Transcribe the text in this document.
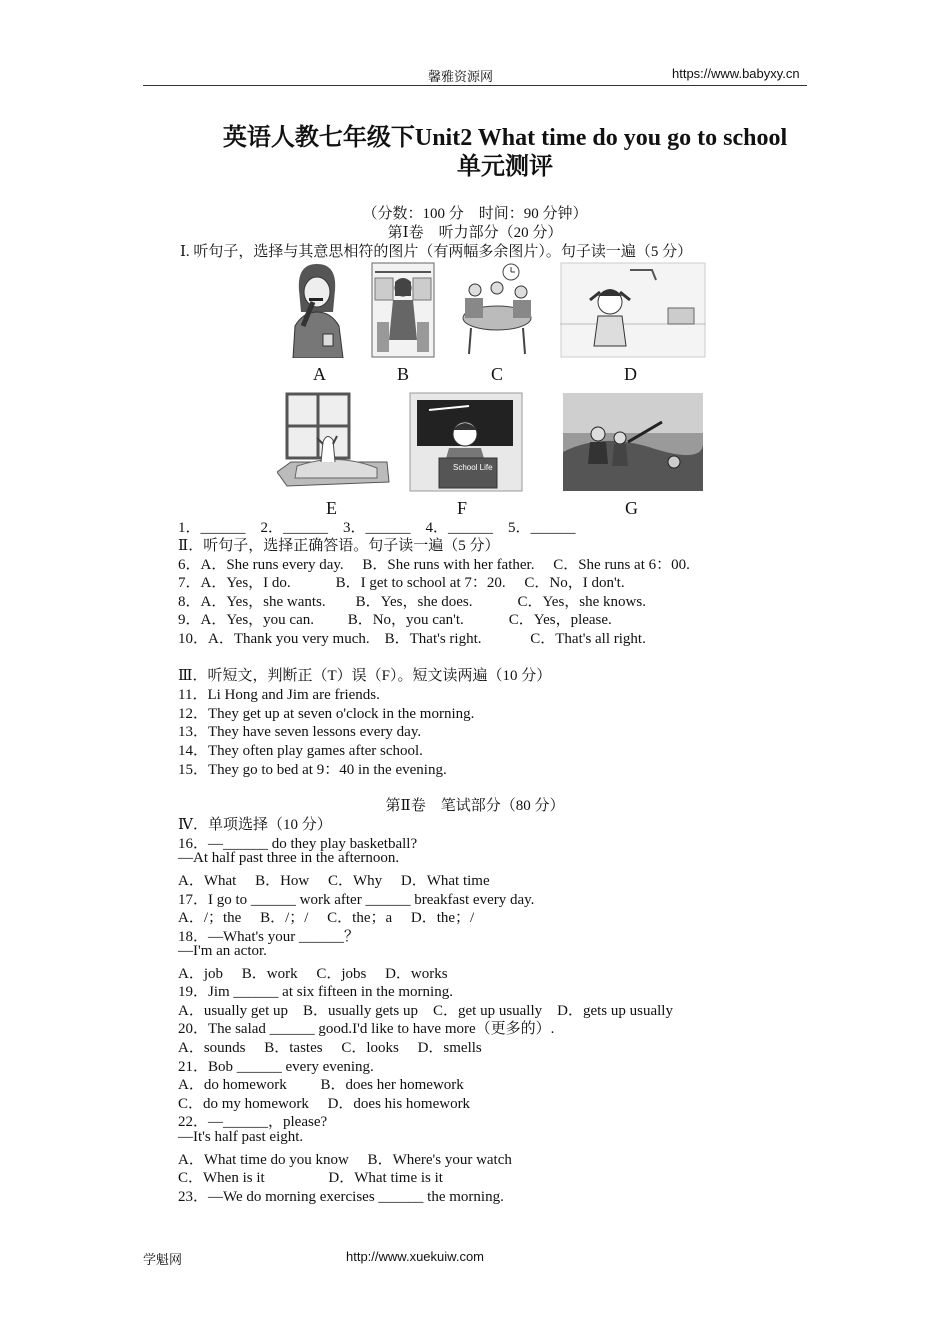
馨雅资源网	https://www.babyxy.cn
英语人教七年级下Unit2 What time do you go to school
单元测评
（分数：100 分　时间：90 分钟）
第Ⅰ卷　听力部分（20 分）
Ⅰ. 听句子，选择与其意思相符的图片（有两幅多余图片）。句子读一遍（5 分）
A	B	C	D
School Life
E	F	G
1．______　2．______　3．______　4．______　5．______
Ⅱ．听句子，选择正确答语。句子读一遍（5 分）
6．A．She runs every day.　 B．She runs with her father.　 C．She runs at 6：00.
7．A．Yes，I do.　　　B．I get to school at 7：20.　 C．No，I don't.
8．A．Yes，she wants.　　B．Yes，she does.　　　C．Yes，she knows.
9．A．Yes，you can.　　 B．No，you can't.　　　C．Yes，please.
10．A．Thank you very much.　B．That's right.　　　 C．That's all right.
Ⅲ．听短文，判断正（T）误（F）。短文读两遍（10 分）
11．Li Hong and Jim are friends.
12．They get up at seven o'clock in the morning.
13．They have seven lessons every day.
14．They often play games after school.
15．They go to bed at 9：40 in the evening.
第Ⅱ卷　笔试部分（80 分）
Ⅳ．单项选择（10 分）
16．—______ do they play basketball?
—At half past three in the afternoon.
A．What　 B．How　 C．Why　 D．What time
17．I go to ______ work after ______ breakfast every day.
A．/；the　 B．/；/　 C．the；a　 D．the；/
18．—What's your ______？
—I'm an actor.
A．job　 B．work　 C．jobs　 D．works
19．Jim ______ at six fifteen in the morning.
A．usually get up　B．usually gets up　C．get up usually　D．gets up usually
20．The salad ______ good.I'd like to have more（更多的）.
A．sounds　 B．tastes　 C．looks　 D．smells
21．Bob ______ every evening.
A．do homework　　 B．does her homework
C．do my homework　 D．does his homework
22．—______，please?
—It's half past eight.
A．What time do you know　 B．Where's your watch
C．When is it　　　　 D．What time is it
23．—We do morning exercises ______ the morning.
学魁网	http://www.xuekuiw.com
